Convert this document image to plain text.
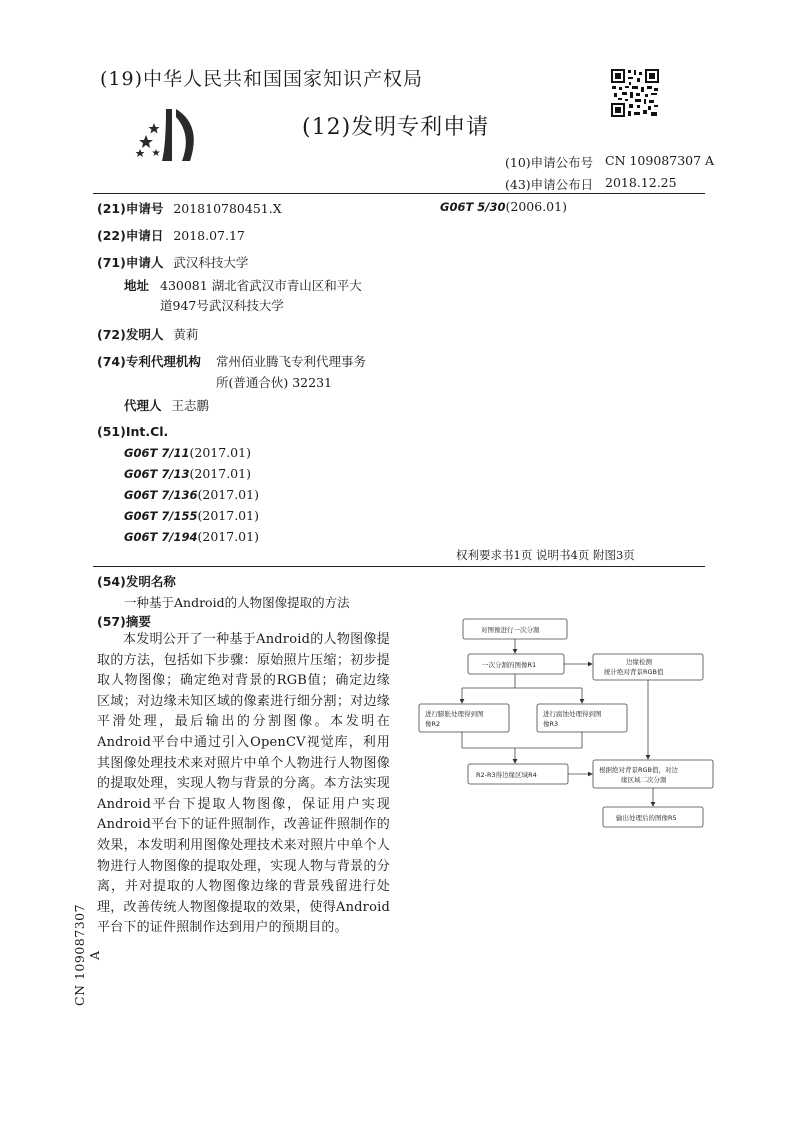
(19)中华人民共和国国家知识产权局
(12)发明专利申请
(10)申请公布号 CN 109087307 A
(43)申请公布日 2018.12.25
(21)申请号 201810780451.X	G06T 5/30(2006.01)
(22)申请日 2018.07.17
(71)申请人 武汉科技大学
地址 430081 湖北省武汉市青山区和平大
道947号武汉科技大学
(72)发明人 黄莉
(74)专利代理机构 常州佰业腾飞专利代理事务
所(普通合伙) 32231
代理人 王志鹏
(51)Int.Cl.
G06T 7/11(2017.01)
G06T 7/13(2017.01)
G06T 7/136(2017.01)
G06T 7/155(2017.01)
G06T 7/194(2017.01)
权利要求书1页 说明书4页 附图3页
(54)发明名称
一种基于Android的人物图像提取的方法
(57)摘要

本发明公开了一种基于Android的人物图像提取的方法，包括如下步骤：原始照片压缩；初步提取人物图像；确定绝对背景的RGB值；确定边缘区域；对边缘未知区域的像素进行细分割；对边缘平滑处理，最后输出的分割图像。本发明在Android平台中通过引入OpenCV视觉库，利用其图像处理技术来对照片中单个人物进行人物图像的提取处理，实现人物与背景的分离。本方法实现Android平台下提取人物图像，保证用户实现Android平台下的证件照制作，改善证件照制作的效果，本发明利用图像处理技术来对照片中单个人物进行人物图像的提取处理，实现人物与背景的分离，并对提取的人物图像边缘的背景残留进行处理，改善传统人物图像提取的效果，使得Android平台下的证件照制作达到用户的预期目的。

对图像进行一次分割
一次分割的图像R1	边缘检测
统计绝对背景RGB值
进行膨胀处理得到图
像R2
进行腐蚀处理得到图
像R3
R2-R3得边缘区域R4
根据绝对背景RGB值，对边
缘区域二次分割
输出处理后的图像R5
CN 109087307 A
